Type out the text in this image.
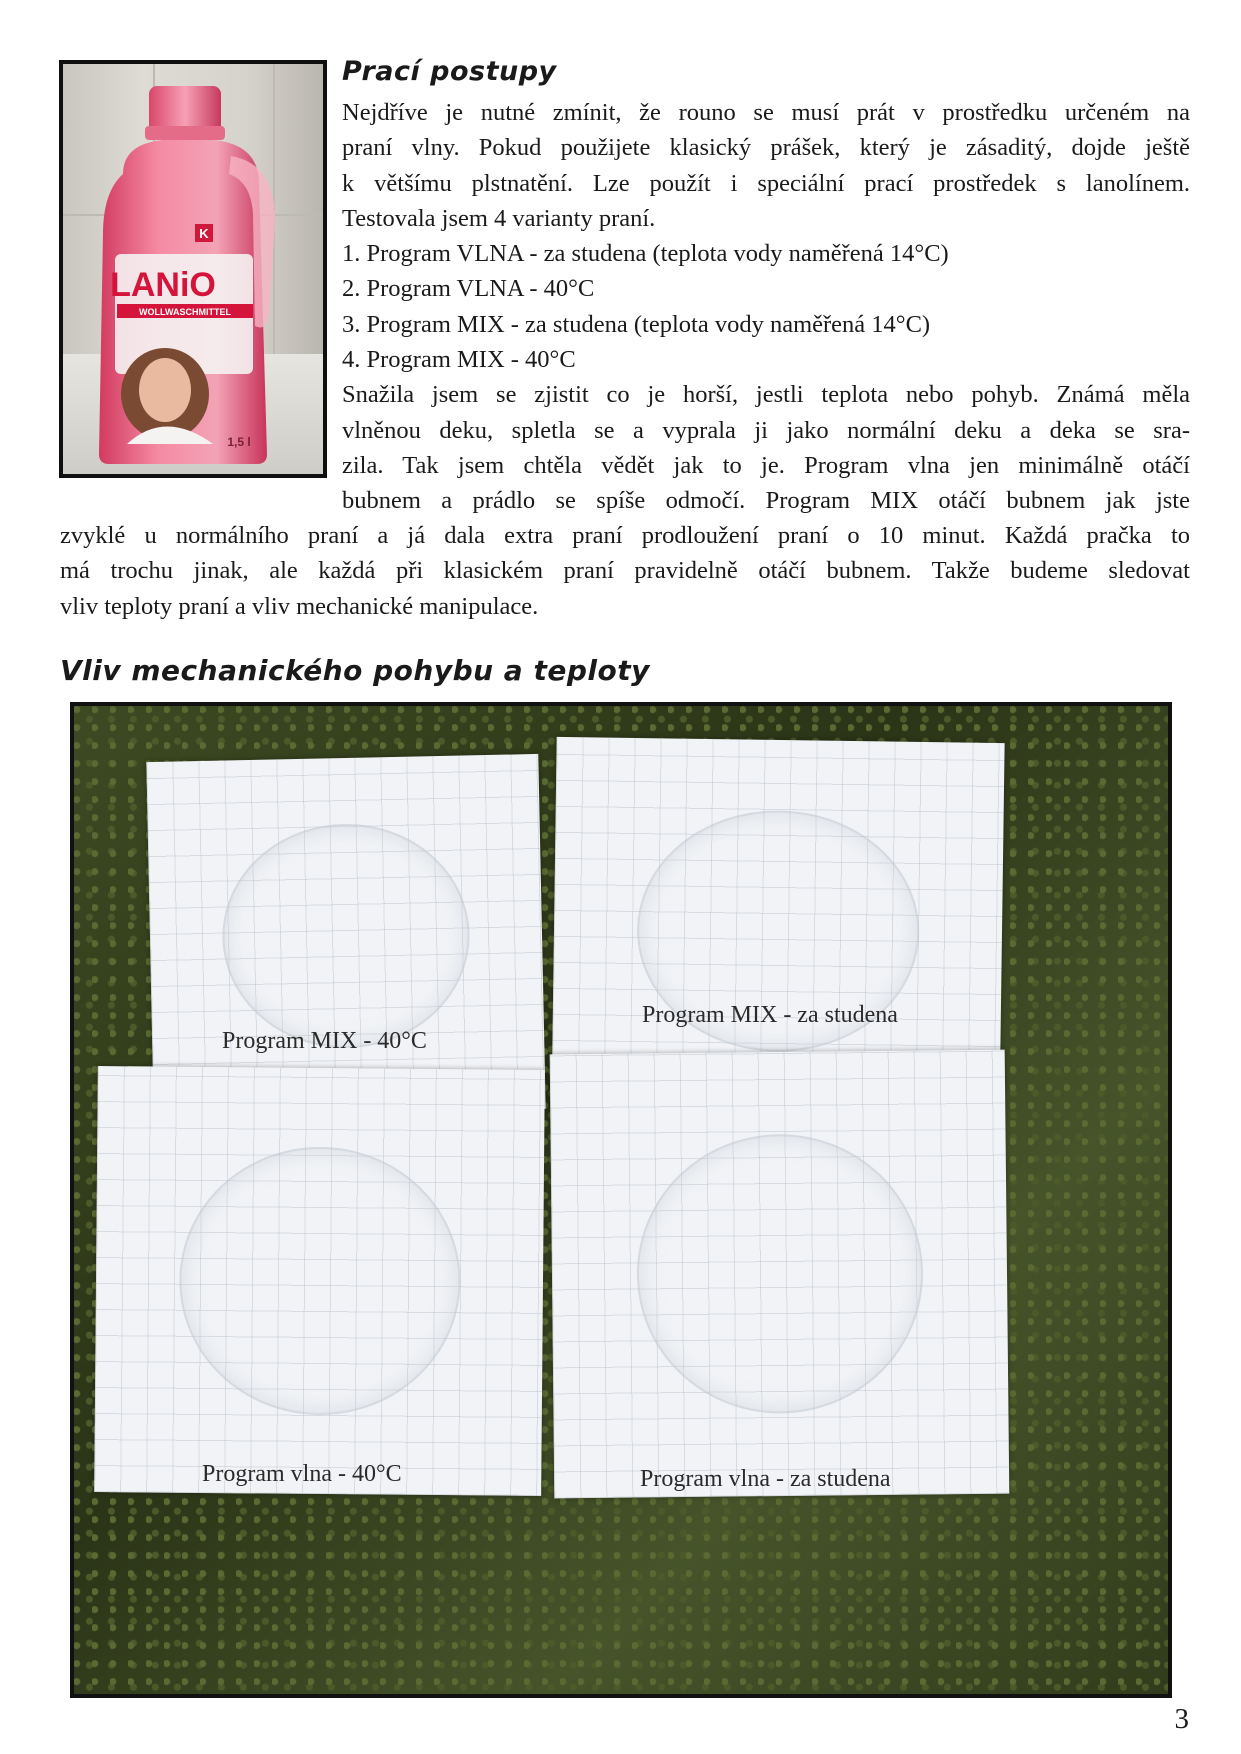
Prací postupy
K
LANiO
WOLLWASCHMITTEL
1,5 l

Nejdříve je nutné zmínit, že rouno se musí prát v prostředku určeném na

praní vlny. Pokud použijete klasický prášek, který je zásaditý, dojde ještě

k většímu plstnatění. Lze použít i speciální prací prostředek s lanolínem.

Testovala jsem 4 varianty praní.

1. Program VLNA - za studena (teplota vody naměřená 14°C)

2. Program VLNA - 40°C

3. Program MIX - za studena (teplota vody naměřená 14°C)

4. Program MIX - 40°C

Snažila jsem se zjistit co je horší, jestli teplota nebo pohyb. Známá měla

vlněnou deku, spletla se a vyprala ji jako normální deku a deka se sra-

zila. Tak jsem chtěla vědět jak to je. Program vlna jen minimálně otáčí

bubnem a prádlo se spíše odmočí. Program MIX otáčí bubnem jak jste

zvyklé u normálního praní a já dala extra praní prodloužení praní o 10 minut. Každá pračka to

má trochu jinak, ale každá při klasickém praní pravidelně otáčí bubnem. Takže budeme sledovat

vliv teploty praní a vliv mechanické manipulace.

Vliv mechanického pohybu a teploty
Program MIX - 40°C
Program MIX - za studena
Program vlna - 40°C	Program vlna - za studena
3
